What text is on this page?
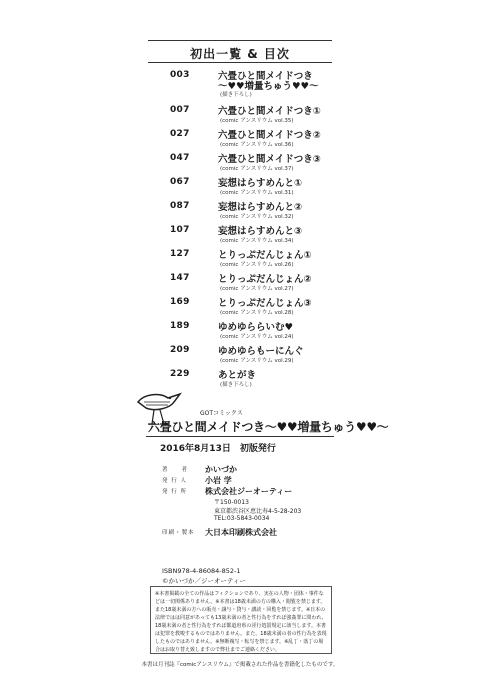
初出一覧 & 目次
003	六畳ひと間メイドつき
〜♥♥増量ちゅう♥♥〜
(描き下ろし)
007	六畳ひと間メイドつき①
(comic アンスリウム vol.35)
027	六畳ひと間メイドつき②
(comic アンスリウム vol.36)
047	六畳ひと間メイドつき③
(comic アンスリウム vol.37)
067	妄想はらすめんと①
(comic アンスリウム vol.31)
087	妄想はらすめんと②
(comic アンスリウム vol.32)
107	妄想はらすめんと③
(comic アンスリウム vol.34)
127	とりっぷだんじょん①
(comic アンスリウム vol.26)
147	とりっぷだんじょん②
(comic アンスリウム vol.27)
169	とりっぷだんじょん③
(comic アンスリウム vol.28)
189	ゆめゆららいむ♥
(comic アンスリウム vol.24)
209	ゆめゆらもーにんぐ
(comic アンスリウム vol.29)
229	あとがき
(描き下ろし)
GOTコミックス
六畳ひと間メイドつき〜♥♥増量ちゅう♥♥〜
2016年8月13日　初版発行
著　　者	かいづか
発 行 人	小岩 学
発 行 所	株式会社ジーオーティー
〒150-0013
東京都渋谷区恵比寿4-5-28-203
TEL:03-5843-0034
印刷・製本 大日本印刷株式会社
ISBN978-4-86084-852-1
©かいづか／ジーオーティー
※本書掲載の全ての作品はフィクションであり、実在の人物・団体・事件などは一切関係ありません。※本書は18歳未満の方の購入・閲覧を禁じます。また18歳未満の方への販売・譲与・貸与・講読・回覧を禁じます。※日本の法律ではは同意があっても13歳未満の者と性行為をすれば強姦罪に問われ、18歳未満の者と性行為をすれば都道府県の淫行処罰規定に該当します。本書は犯罪を教唆するものではありません。また、18歳未満の者の性行為を表現したものではありません。※無断複写・転写を禁じます。※乱丁・落丁の場合はお取り替え致しますので弊社までご連絡ください。
本書は月刊誌『comicアンスリウム』で掲載された作品を書籍化したものです。
